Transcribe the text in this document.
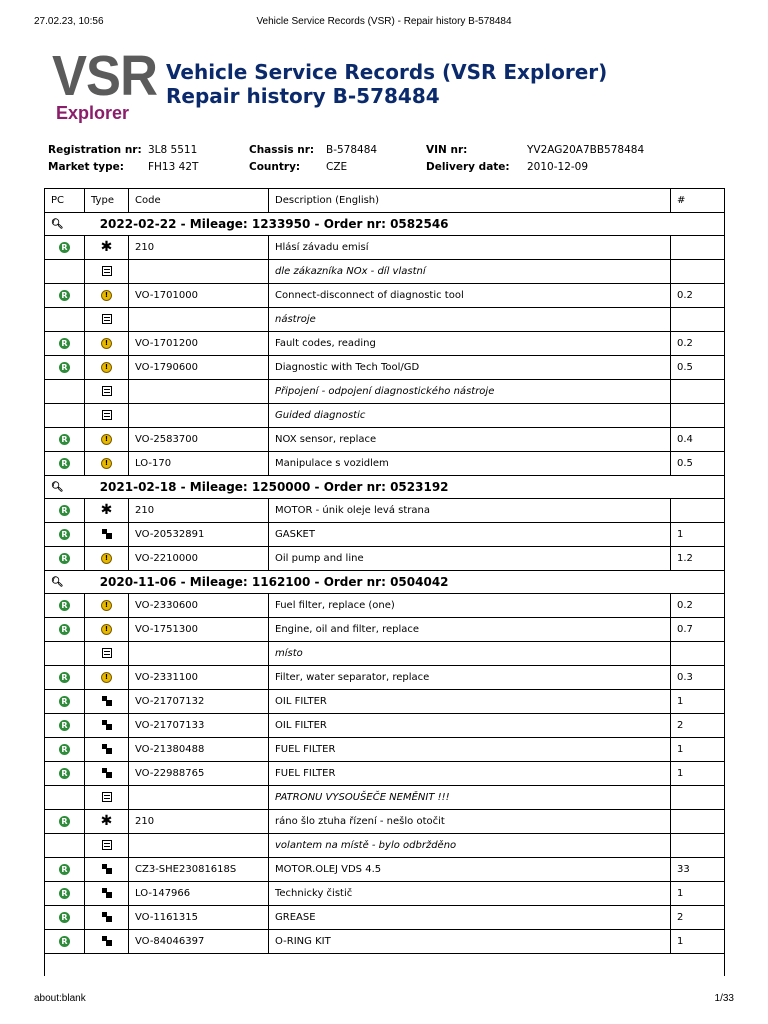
27.02.23, 10:56	Vehicle Service Records (VSR) - Repair history B-578484
VSR
Explorer
Vehicle Service Records (VSR Explorer)
Repair history B-578484
Registration nr: 3L8 5511	Chassis nr: B-578484	VIN nr:	YV2AG20A7BB578484
Market type: FH13 42T	Country: CZE	Delivery date: 2010-12-09
PC	Type	Code	Description (English)	#
🔍︎ 2022-02-22 - Mileage: 1233950 - Order nr: 0582546				
R	✱	210	Hlásí závadu emisí	
			dle zákazníka NOx - díl vlastní	
R	!	VO-1701000	Connect-disconnect of diagnostic tool	0.2
			nástroje	
R	!	VO-1701200	Fault codes, reading	0.2
R	!	VO-1790600	Diagnostic with Tech Tool/GD	0.5
			Připojení - odpojení diagnostického nástroje	
			Guided diagnostic	
R	!	VO-2583700	NOX sensor, replace	0.4
R	!	LO-170	Manipulace s vozidlem	0.5
🔍︎ 2021-02-18 - Mileage: 1250000 - Order nr: 0523192				
R	✱	210	MOTOR - únik oleje levá strana	
R		VO-20532891	GASKET	1
R	!	VO-2210000	Oil pump and line	1.2
🔍︎ 2020-11-06 - Mileage: 1162100 - Order nr: 0504042				
R	!	VO-2330600	Fuel filter, replace (one)	0.2
R	!	VO-1751300	Engine, oil and filter, replace	0.7
			místo	
R	!	VO-2331100	Filter, water separator, replace	0.3
R		VO-21707132	OIL FILTER	1
R		VO-21707133	OIL FILTER	2
R		VO-21380488	FUEL FILTER	1
R		VO-22988765	FUEL FILTER	1
			PATRONU VYSOUŠEČE NEMĚNIT !!!	
R	✱	210	ráno šlo ztuha řízení - nešlo otočit	
			volantem na místě - bylo odbržděno	
R		CZ3-SHE23081618S	MOTOR.OLEJ VDS 4.5	33
R		LO-147966	Technicky čistič	1
R		VO-1161315	GREASE	2
R		VO-84046397	O-RING KIT	1

about:blank	1/33
